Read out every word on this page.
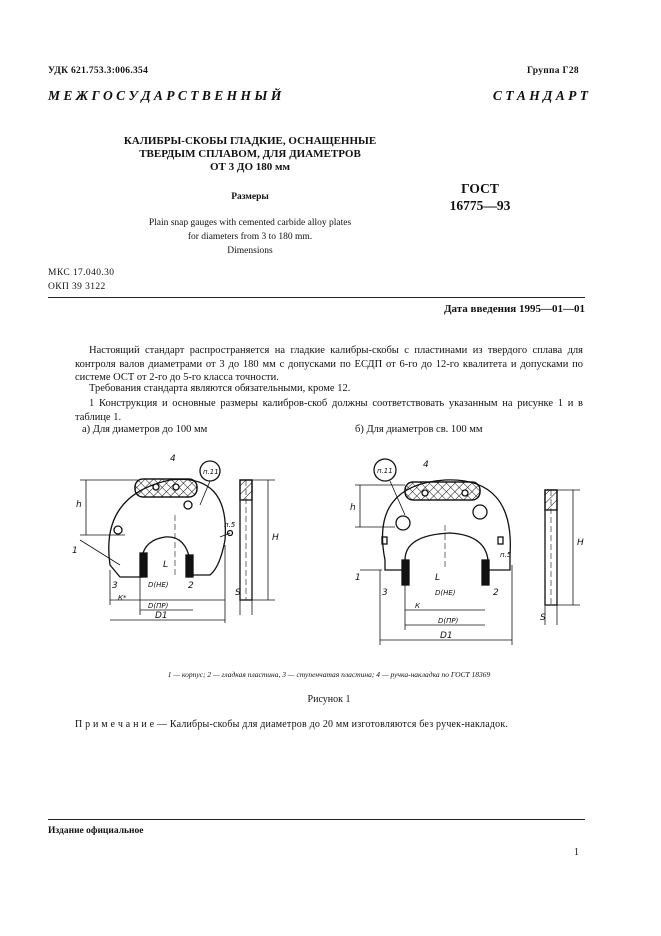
УДК 621.753.3:006.354	Группа Г28
М Е Ж Г О С У Д А Р С Т В Е Н Н Ы Й	С Т А Н Д А Р Т
КАЛИБРЫ-СКОБЫ ГЛАДКИЕ, ОСНАЩЕННЫЕ
ТВЕРДЫМ СПЛАВОМ, ДЛЯ ДИАМЕТРОВ
ОТ 3 ДО 180 мм
Размеры
Plain snap gauges with cemented carbide alloy plates
for diameters from 3 to 180 mm.
Dimensions
ГОСТ
16775—93
МКС 17.040.30
ОКП 39 3122
Дата введения 1995—01—01
Настоящий стандарт распространяется на гладкие калибры-скобы с пластинами из твердого сплава для контроля валов диаметрами от 3 до 180 мм с допусками по ЕСДП от 6-го до 12-го квалитета и допусками по системе ОСТ от 2-го до 5-го класса точности.
Требования стандарта являются обязательными, кроме 12.
1 Конструкция и основные размеры калибров-скоб должны соответствовать указанным на рисунке 1 и в таблице 1.
а) Для диаметров до 100 мм	б) Для диаметров св. 100 мм
4
п.11
1
3	2
h
H
L
п.5
S
К*
D(НЕ)
D(ПР)
D1
4
п.11
1
3	2
h
H
L
п.5
S
К
D(НЕ)
D(ПР)
D1
1 — корпус; 2 — гладкая пластина, 3 — ступенчатая пластина; 4 — ручка-накладка по ГОСТ 18369
Рисунок 1
П р и м е ч а н и е — Калибры-скобы для диаметров до 20 мм изготовляются без ручек-накладок.
Издание официальное
1
